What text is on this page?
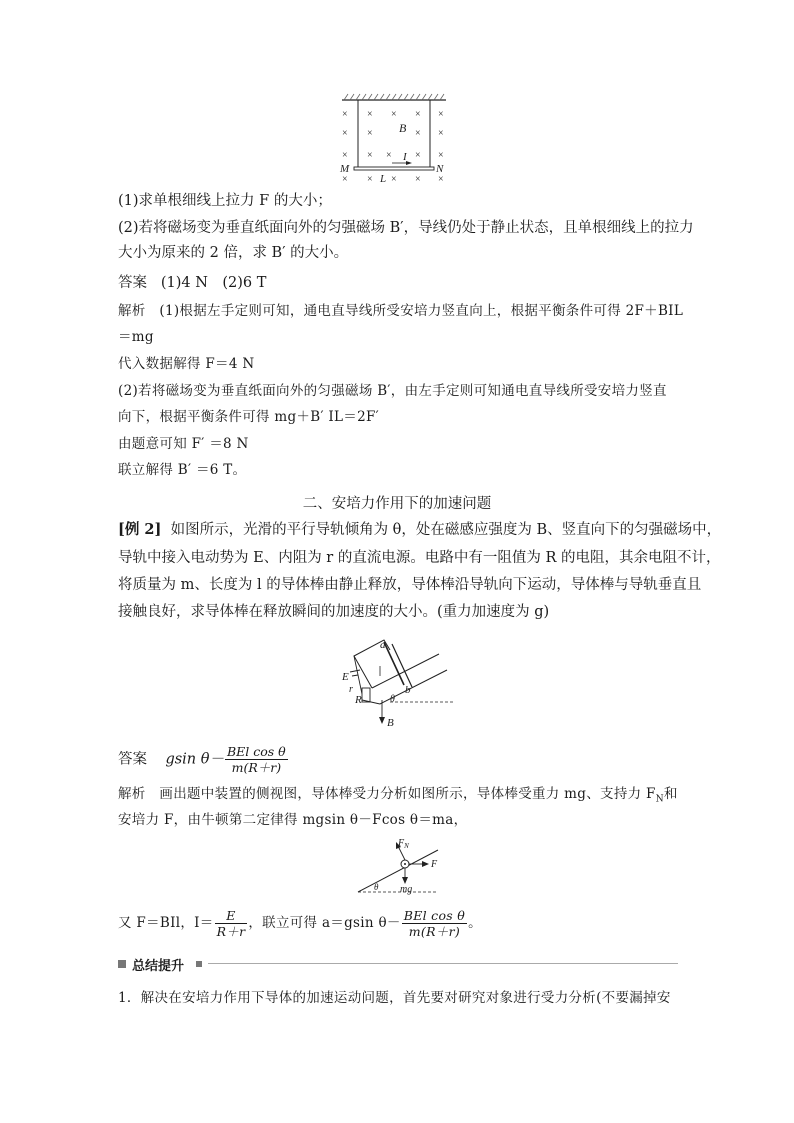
× × × × ×
× ×	× ×
× × × × ×
× × × × ×
B
I
M	N
L
(1)求单根细线上拉力 F 的大小；
(2)若将磁场变为垂直纸面向外的匀强磁场 B′，导线仍处于静止状态，且单根细线上的拉力
大小为原来的 2 倍，求 B′ 的大小。
答案 (1)4 N　(2)6 T
解析 (1)根据左手定则可知，通电直导线所受安培力竖直向上，根据平衡条件可得 2F＋BIL
＝mg
代入数据解得 F＝4 N
(2)若将磁场变为垂直纸面向外的匀强磁场 B′，由左手定则可知通电直导线所受安培力竖直
向下，根据平衡条件可得 mg＋B′ IL＝2F′
由题意可知 F′ ＝8 N
联立解得 B′ ＝6 T。
二、安培力作用下的加速问题
[例 2] 如图所示，光滑的平行导轨倾角为 θ，处在磁感应强度为 B、竖直向下的匀强磁场中，
导轨中接入电动势为 E、内阻为 r 的直流电源。电路中有一阻值为 R 的电阻，其余电阻不计，
将质量为 m、长度为 l 的导体棒由静止释放，导体棒沿导轨向下运动，导体棒与导轨垂直且
接触良好，求导体棒在释放瞬间的加速度的大小。(重力加速度为 g)
B
a
b
E
r
R	θ
答案 gsin $\theta- \frac{\text{BEl cos θ}}{m(R+r)}$
解析 画出题中装置的侧视图，导体棒受力分析如图所示，导体棒受重力 mg、支持力 $F_N$和
安培力 F，由牛顿第二定律得 mgsin θ－Fcos θ＝ma，
$F_N$
F
mg
θ
又 F＝BIl，$I= \frac{E}{R+r}$ ，联立可得 a＝gsin $\theta- \frac{\text{BEl cos θ}}{m(R+r)}$ 。
总结提升
1．解决在安培力作用下导体的加速运动问题，首先要对研究对象进行受力分析(不要漏掉安
